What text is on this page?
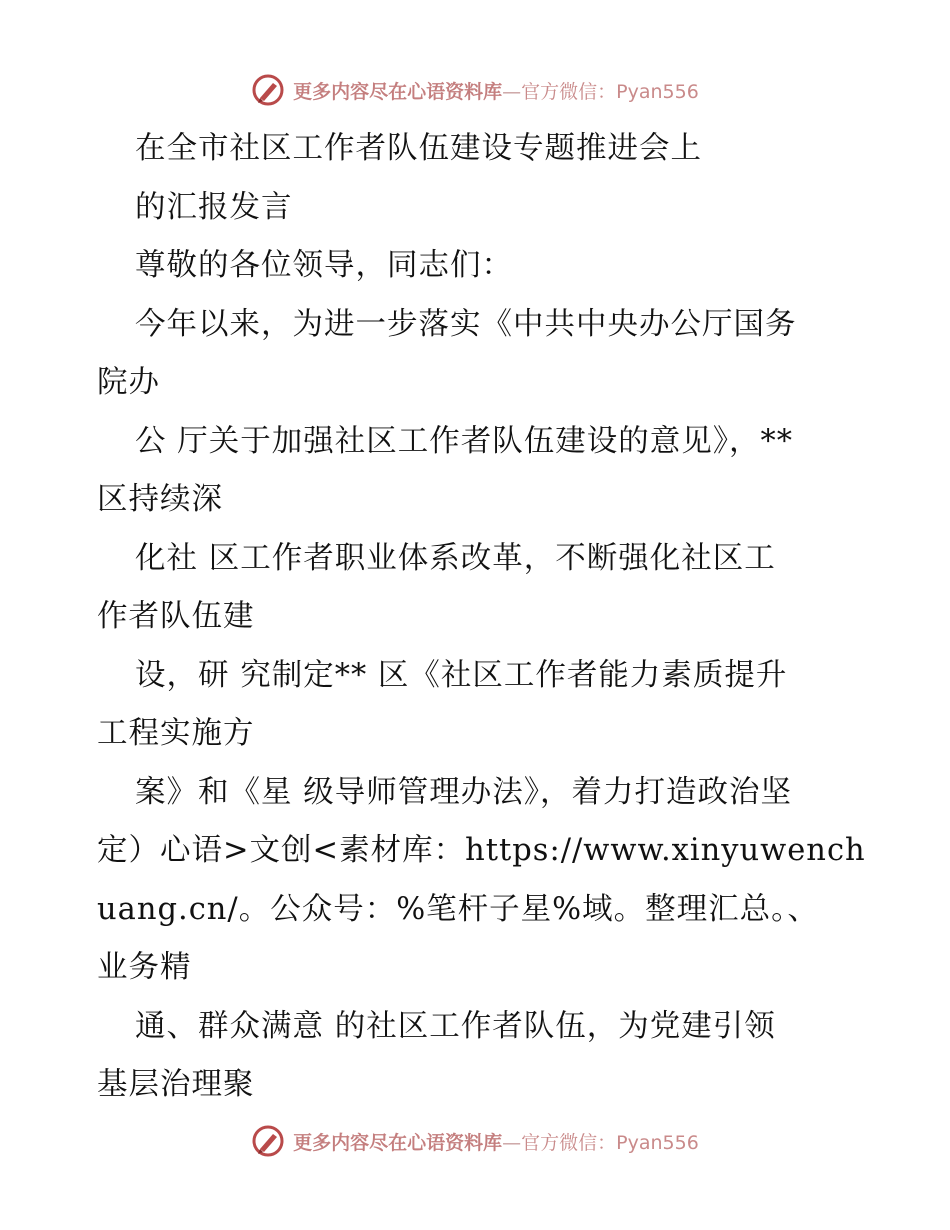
更多内容尽在心语资料库—官方微信：Pyan556
在全市社区工作者队伍建设专题推进会上
的汇报发言
尊敬的各位领导，同志们：
今年以来，为进一步落实《中共中央办公厅国务
院办
公 厅关于加强社区工作者队伍建设的意见》，**
区持续深
化社 区工作者职业体系改革，不断强化社区工
作者队伍建
设，研 究制定** 区《社区工作者能力素质提升
工程实施方
案》和《星 级导师管理办法》，着力打造政治坚
定）心语>文创<素材库：https://www.xinyuwench
uang.cn/。公众号：%笔杆子星%域。整理汇总。、
业务精
通、群众满意 的社区工作者队伍，为党建引领
基层治理聚
更多内容尽在心语资料库—官方微信：Pyan556
